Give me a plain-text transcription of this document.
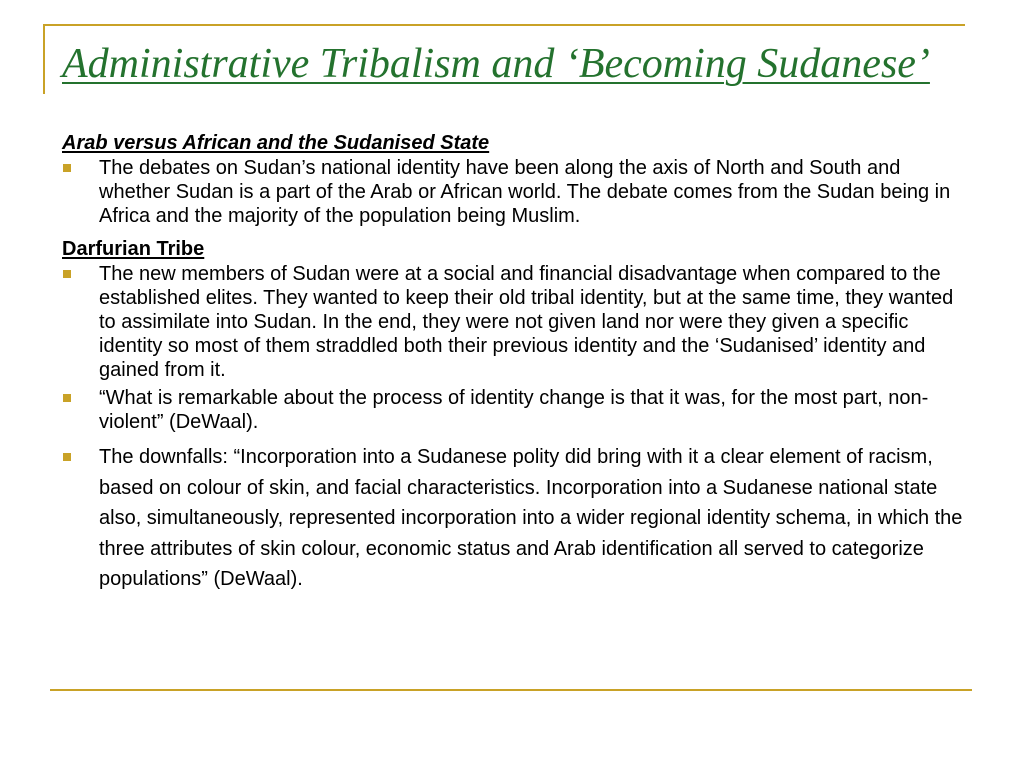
Administrative Tribalism and ‘Becoming Sudanese’

Arab versus African and the Sudanised State

The debates on Sudan’s national identity have been along the axis of North and South and whether Sudan is a part of the Arab or African world. The debate comes from the Sudan being in Africa and the majority of the population being Muslim.

Darfurian Tribe

The new members of Sudan were at a social and financial disadvantage when compared to the established elites. They wanted to keep their old tribal identity, but at the same time, they wanted to assimilate into Sudan. In the end, they were not given land nor were they given a specific identity so most of them straddled both their previous identity and the ‘Sudanised’ identity and gained from it.
“What is remarkable about the process of identity change is that it was, for the most part, non-violent” (DeWaal).
The downfalls: “Incorporation into a Sudanese polity did bring with it a clear element of racism, based on colour of skin, and facial characteristics. Incorporation into a Sudanese national state also, simultaneously, represented incorporation into a wider regional identity schema, in which the three attributes of skin colour, economic status and Arab identification all served to categorize populations” (DeWaal).
